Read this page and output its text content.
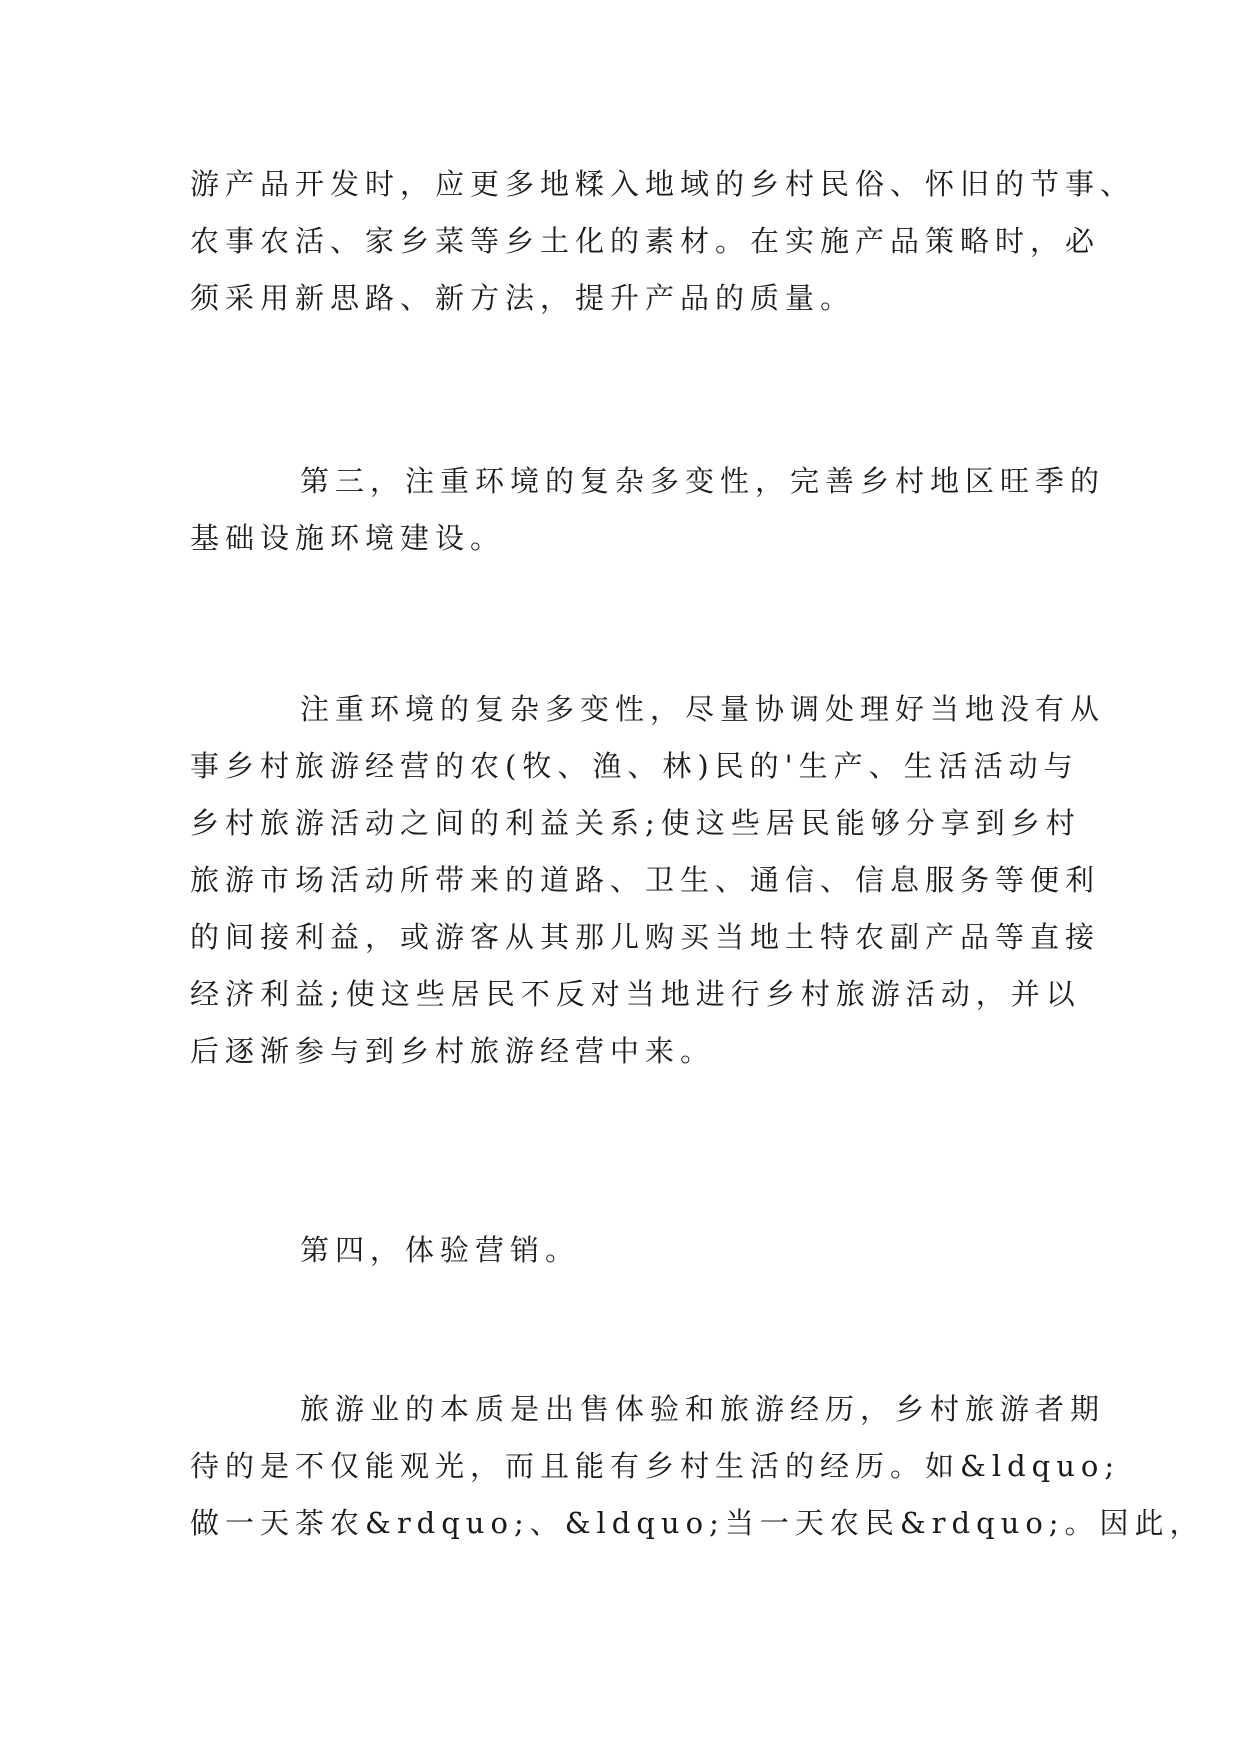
游产品开发时，应更多地糅入地域的乡村民俗、怀旧的节事、
农事农活、家乡菜等乡土化的素材。在实施产品策略时，必
须采用新思路、新方法，提升产品的质量。
第三，注重环境的复杂多变性，完善乡村地区旺季的
基础设施环境建设。
注重环境的复杂多变性，尽量协调处理好当地没有从
事乡村旅游经营的农(牧、渔、林)民的'生产、生活活动与
乡村旅游活动之间的利益关系;使这些居民能够分享到乡村
旅游市场活动所带来的道路、卫生、通信、信息服务等便利
的间接利益，或游客从其那儿购买当地土特农副产品等直接
经济利益;使这些居民不反对当地进行乡村旅游活动，并以
后逐渐参与到乡村旅游经营中来。
第四，体验营销。
旅游业的本质是出售体验和旅游经历，乡村旅游者期
待的是不仅能观光，而且能有乡村生活的经历。如&ldquo;
做一天茶农&rdquo;、&ldquo;当一天农民&rdquo;。因此，
